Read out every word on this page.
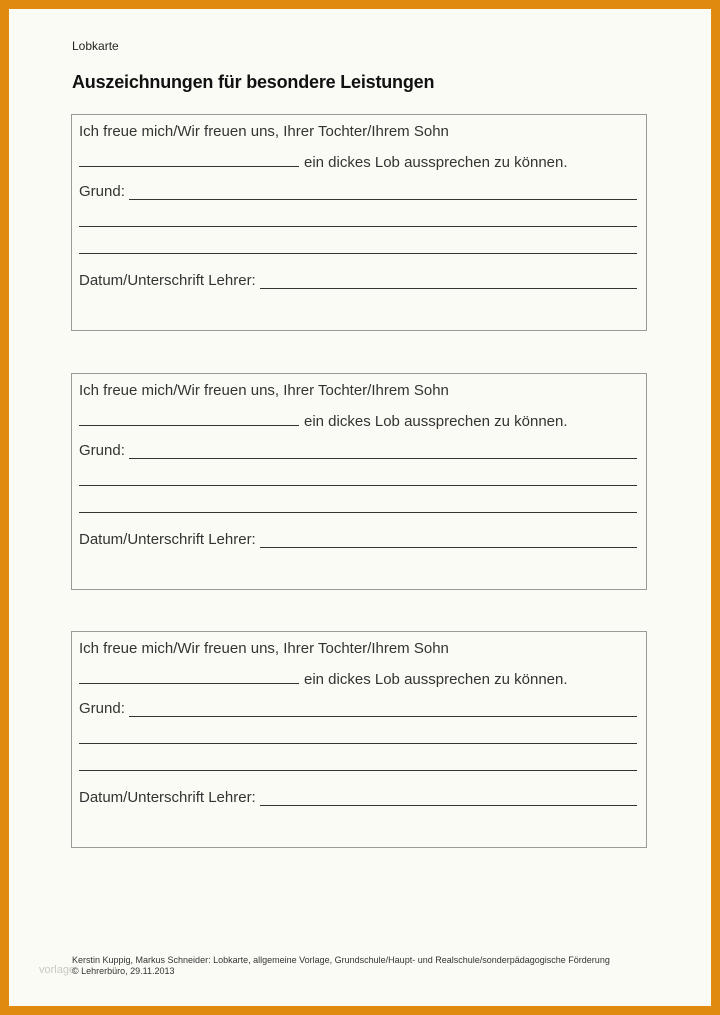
Lobkarte
Auszeichnungen für besondere Leistungen
Ich freue mich/Wir freuen uns, Ihrer Tochter/Ihrem Sohn
ein dickes Lob aussprechen zu können.
Grund:
Datum/Unterschrift Lehrer:
Ich freue mich/Wir freuen uns, Ihrer Tochter/Ihrem Sohn
ein dickes Lob aussprechen zu können.
Grund:
Datum/Unterschrift Lehrer:
Ich freue mich/Wir freuen uns, Ihrer Tochter/Ihrem Sohn
ein dickes Lob aussprechen zu können.
Grund:
Datum/Unterschrift Lehrer:
vorlage
Kerstin Kuppig, Markus Schneider: Lobkarte, allgemeine Vorlage, Grundschule/Haupt- und Realschule/sonderpädagogische Förderung
© Lehrerbüro, 29.11.2013
